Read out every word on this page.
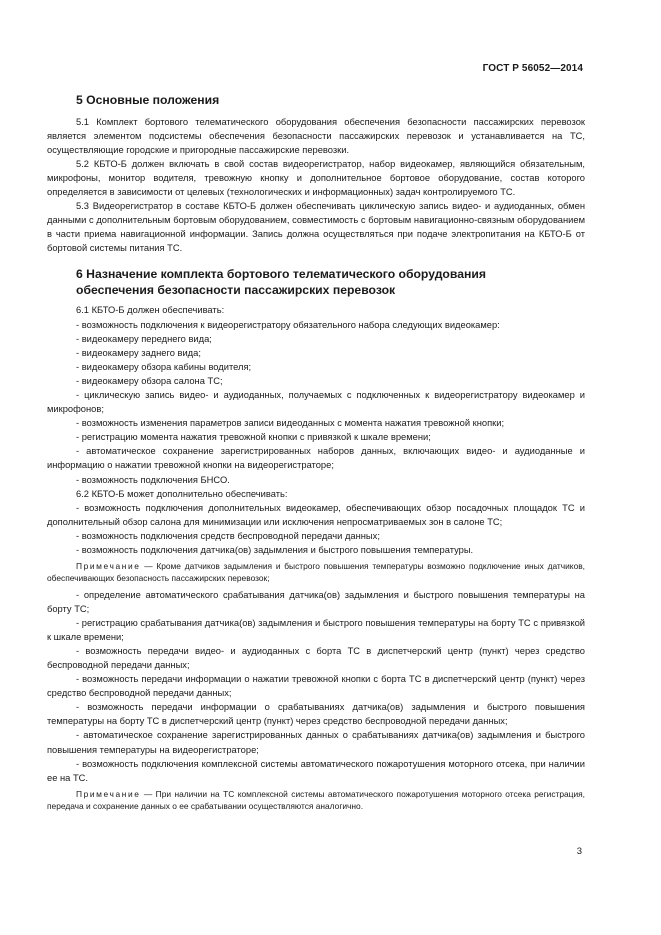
ГОСТ Р 56052—2014
5 Основные положения

5.1 Комплект бортового телематического оборудования обеспечения безопасности пассажирских перевозок является элементом подсистемы обеспечения безопасности пассажирских перевозок и устанавливается на ТС, осуществляющие городские и пригородные пассажирские перевозки.

5.2 КБТО-Б должен включать в свой состав видеорегистратор, набор видеокамер, являющийся обязательным, микрофоны, монитор водителя, тревожную кнопку и дополнительное бортовое оборудование, состав которого определяется в зависимости от целевых (технологических и информационных) задач контролируемого ТС.

5.3 Видеорегистратор в составе КБТО-Б должен обеспечивать циклическую запись видео- и аудиоданных, обмен данными с дополнительным бортовым оборудованием, совместимость с бортовым навигационно-связным оборудованием в части приема навигационной информации. Запись должна осуществляться при подаче электропитания на КБТО-Б от бортовой системы питания ТС.

6 Назначение комплекта бортового телематического оборудования
обеспечения безопасности пассажирских перевозок

6.1 КБТО-Б должен обеспечивать:

- возможность подключения к видеорегистратору обязательного набора следующих видеокамер:

- видеокамеру переднего вида;

- видеокамеру заднего вида;

- видеокамеру обзора кабины водителя;

- видеокамеру обзора салона ТС;

- циклическую запись видео- и аудиоданных, получаемых с подключенных к видеорегистратору видеокамер и микрофонов;

- возможность изменения параметров записи видеоданных с момента нажатия тревожной кнопки;

- регистрацию момента нажатия тревожной кнопки с привязкой к шкале времени;

- автоматическое сохранение зарегистрированных наборов данных, включающих видео- и аудиоданные и информацию о нажатии тревожной кнопки на видеорегистраторе;

- возможность подключения БНСО.

6.2 КБТО-Б может дополнительно обеспечивать:

- возможность подключения дополнительных видеокамер, обеспечивающих обзор посадочных площадок ТС и дополнительный обзор салона для минимизации или исключения непросматриваемых зон в салоне ТС;

- возможность подключения средств беспроводной передачи данных;

- возможность подключения датчика(ов) задымления и быстрого повышения температуры.

Примечание — Кроме датчиков задымления и быстрого повышения температуры возможно подключение иных датчиков, обеспечивающих безопасность пассажирских перевозок;

- определение автоматического срабатывания датчика(ов) задымления и быстрого повышения температуры на борту ТС;

- регистрацию срабатывания датчика(ов) задымления и быстрого повышения температуры на борту ТС с привязкой к шкале времени;

- возможность передачи видео- и аудиоданных с борта ТС в диспетчерский центр (пункт) через средство беспроводной передачи данных;

- возможность передачи информации о нажатии тревожной кнопки с борта ТС в диспетчерский центр (пункт) через средство беспроводной передачи данных;

- возможность передачи информации о срабатываниях датчика(ов) задымления и быстрого повышения температуры на борту ТС в диспетчерский центр (пункт) через средство беспроводной передачи данных;

- автоматическое сохранение зарегистрированных данных о срабатываниях датчика(ов) задымления и быстрого повышения температуры на видеорегистраторе;

- возможность подключения комплексной системы автоматического пожаротушения моторного отсека, при наличии ее на ТС.

Примечание — При наличии на ТС комплексной системы автоматического пожаротушения моторного отсека регистрация, передача и сохранение данных о ее срабатывании осуществляются аналогично.

3
